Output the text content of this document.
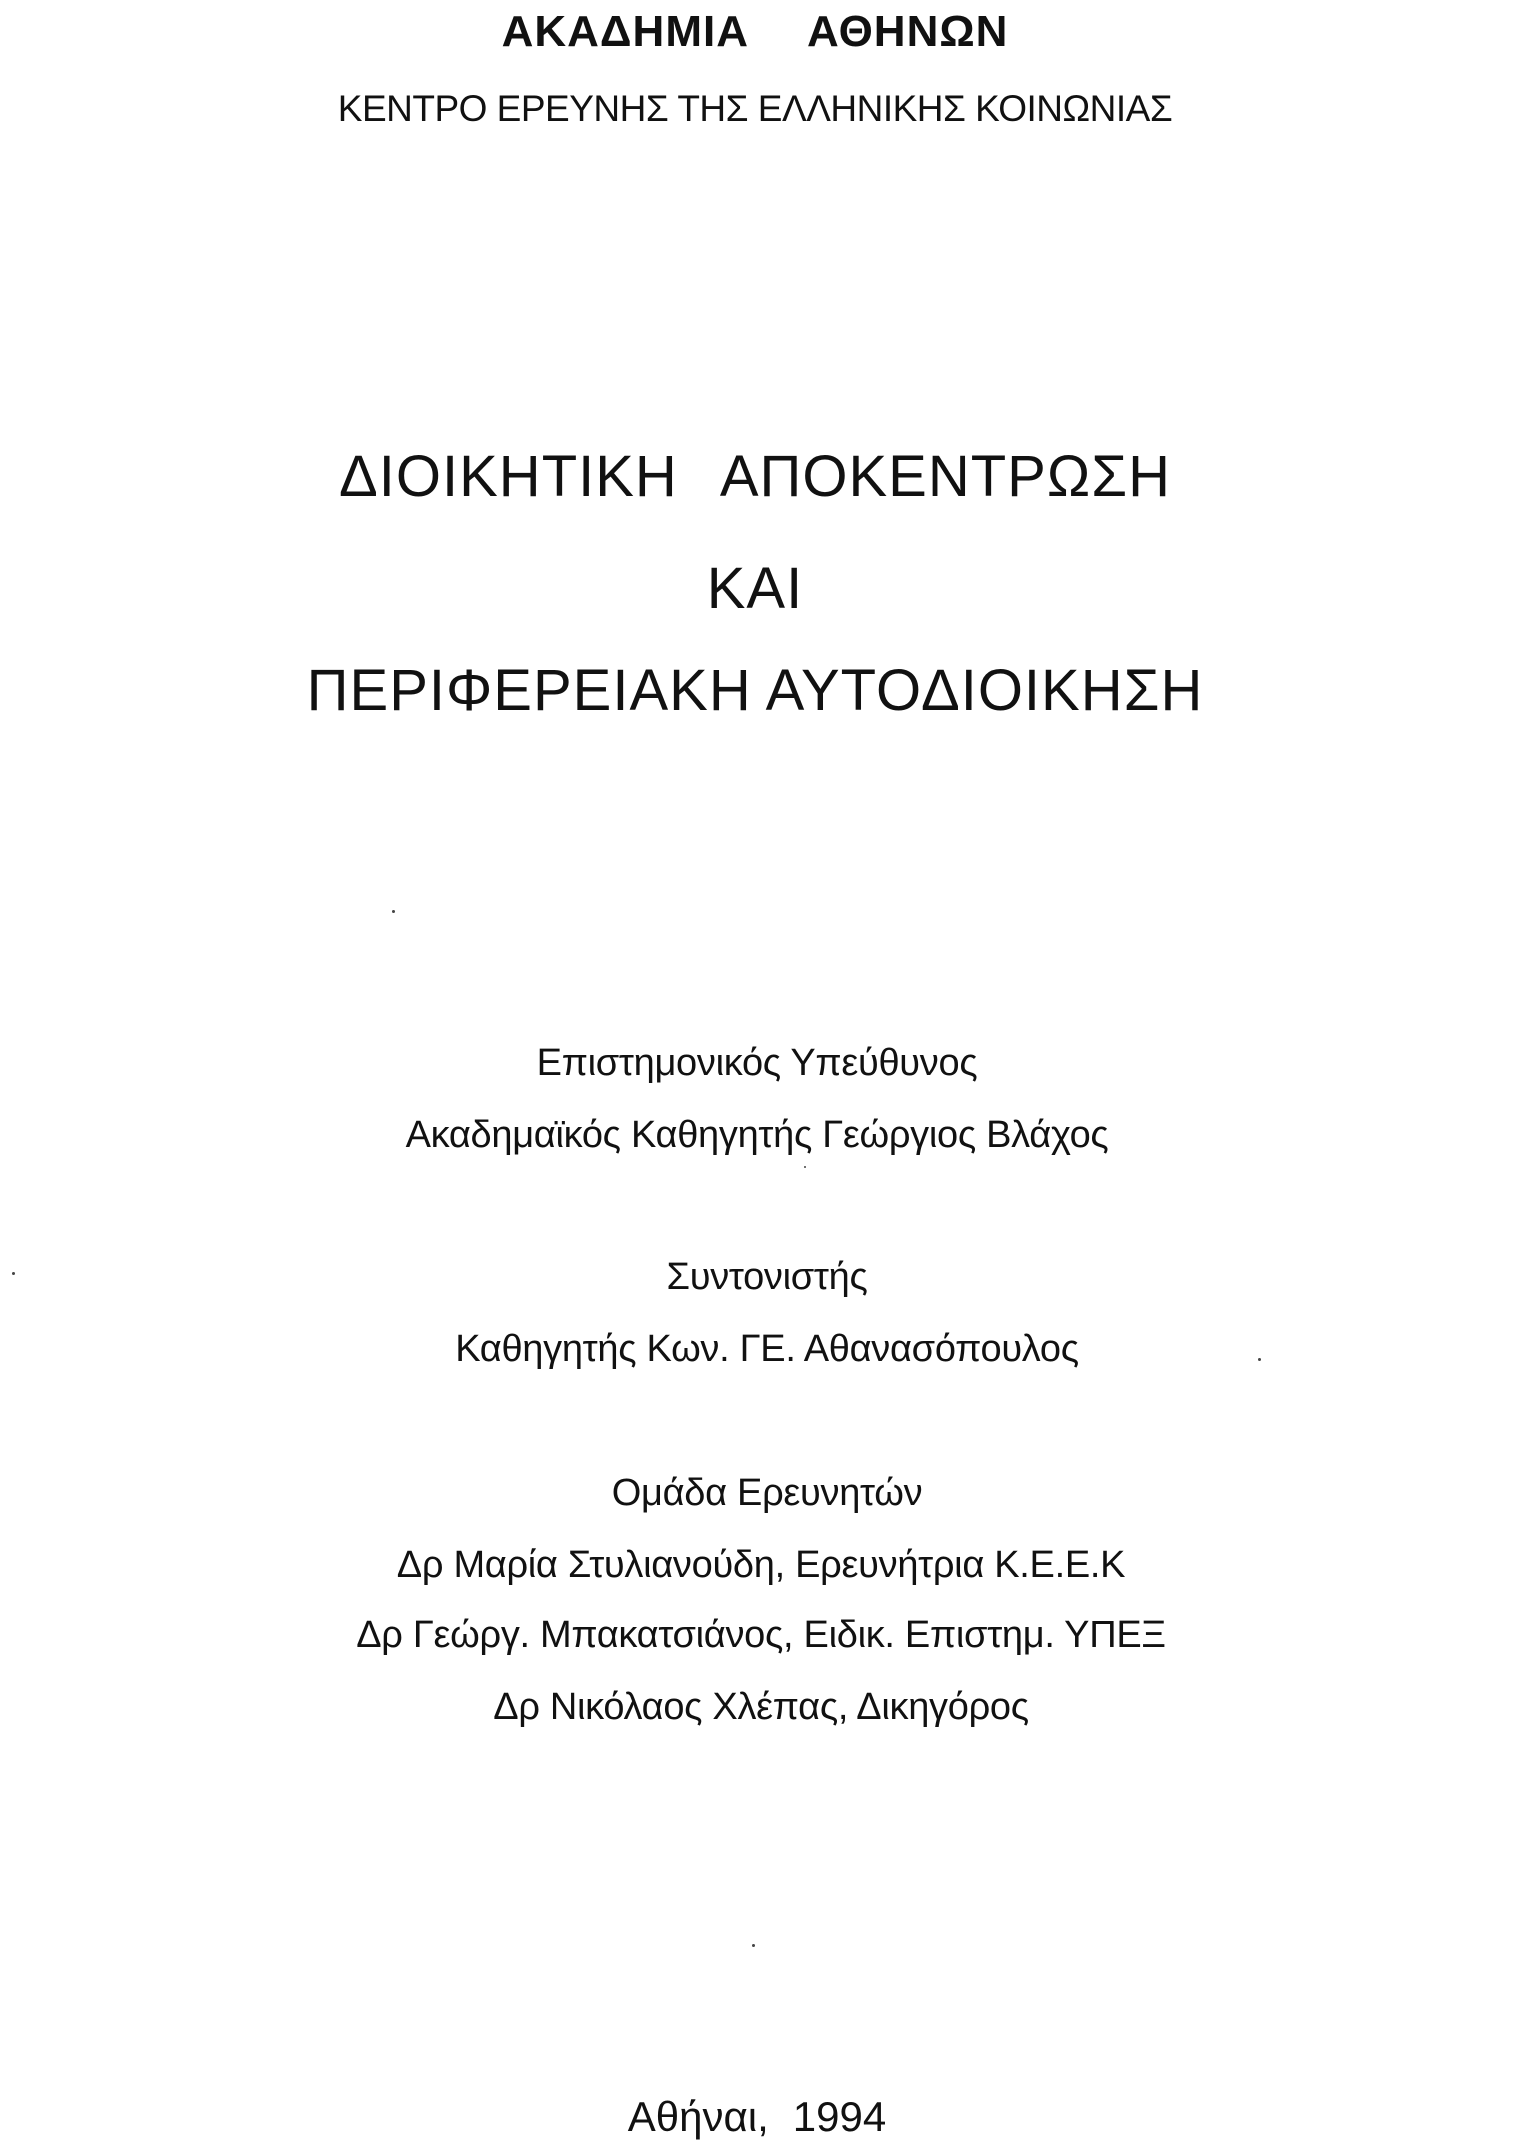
ΑΚΑΔΗΜΙΑ ΑΘΗΝΩΝ
ΚΕΝΤΡΟ ΕΡΕΥΝΗΣ ΤΗΣ ΕΛΛΗΝΙΚΗΣ ΚΟΙΝΩΝΙΑΣ
ΔΙΟΙΚΗΤΙΚΗ ΑΠΟΚΕΝΤΡΩΣΗ
ΚΑΙ
ΠΕΡΙΦΕΡΕΙΑΚΗ ΑΥΤΟΔΙΟΙΚΗΣΗ
Επιστημονικός Υπεύθυνος
Ακαδημαϊκός Καθηγητής Γεώργιος Βλάχος
Συντονιστής
Καθηγητής Κων. ΓΕ. Αθανασόπουλος
Ομάδα Ερευνητών
Δρ Μαρία Στυλιανούδη, Ερευνήτρια Κ.Ε.Ε.Κ
Δρ Γεώργ. Μπακατσιάνος, Ειδικ. Επιστημ. ΥΠΕΞ
Δρ Νικόλαος Χλέπας, Δικηγόρος
Αθήναι, 1994
